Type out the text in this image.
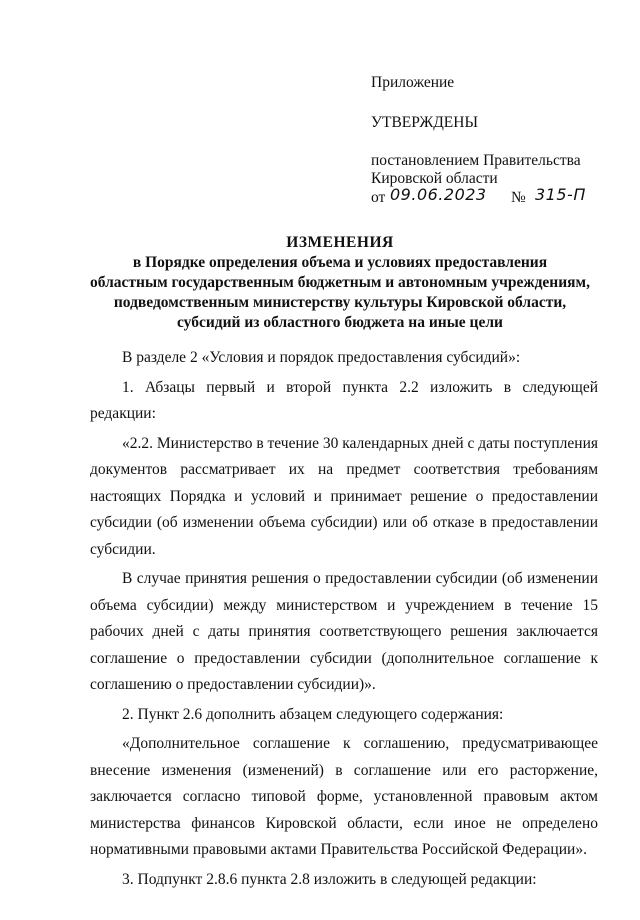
Приложение

УТВЕРЖДЕНЫ

постановлением Правительства

Кировской области

от 09.06.2023 № 315-П

ИЗМЕНЕНИЯ

в Порядке определения объема и условиях предоставления

областным государственным бюджетным и автономным учреждениям,

подведомственным министерству культуры Кировской области,

субсидий из областного бюджета на иные цели

В разделе 2 «Условия и порядок предоставления субсидий»:

1. Абзацы первый и второй пункта 2.2 изложить в следующей редакции:

«2.2. Министерство в течение 30 календарных дней с даты поступления документов рассматривает их на предмет соответствия требованиям настоящих Порядка и условий и принимает решение о предоставлении субсидии (об изменении объема субсидии) или об отказе в предоставлении субсидии.

В случае принятия решения о предоставлении субсидии (об изменении объема субсидии) между министерством и учреждением в течение 15 рабочих дней с даты принятия соответствующего решения заключается соглашение о предоставлении субсидии (дополнительное соглашение к соглашению о предоставлении субсидии)».

2. Пункт 2.6 дополнить абзацем следующего содержания:

«Дополнительное соглашение к соглашению, предусматривающее внесение изменения (изменений) в соглашение или его расторжение, заключается согласно типовой форме, установленной правовым актом министерства финансов Кировской области, если иное не определено нормативными правовыми актами Правительства Российской Федерации».

3. Подпункт 2.8.6 пункта 2.8 изложить в следующей редакции:
